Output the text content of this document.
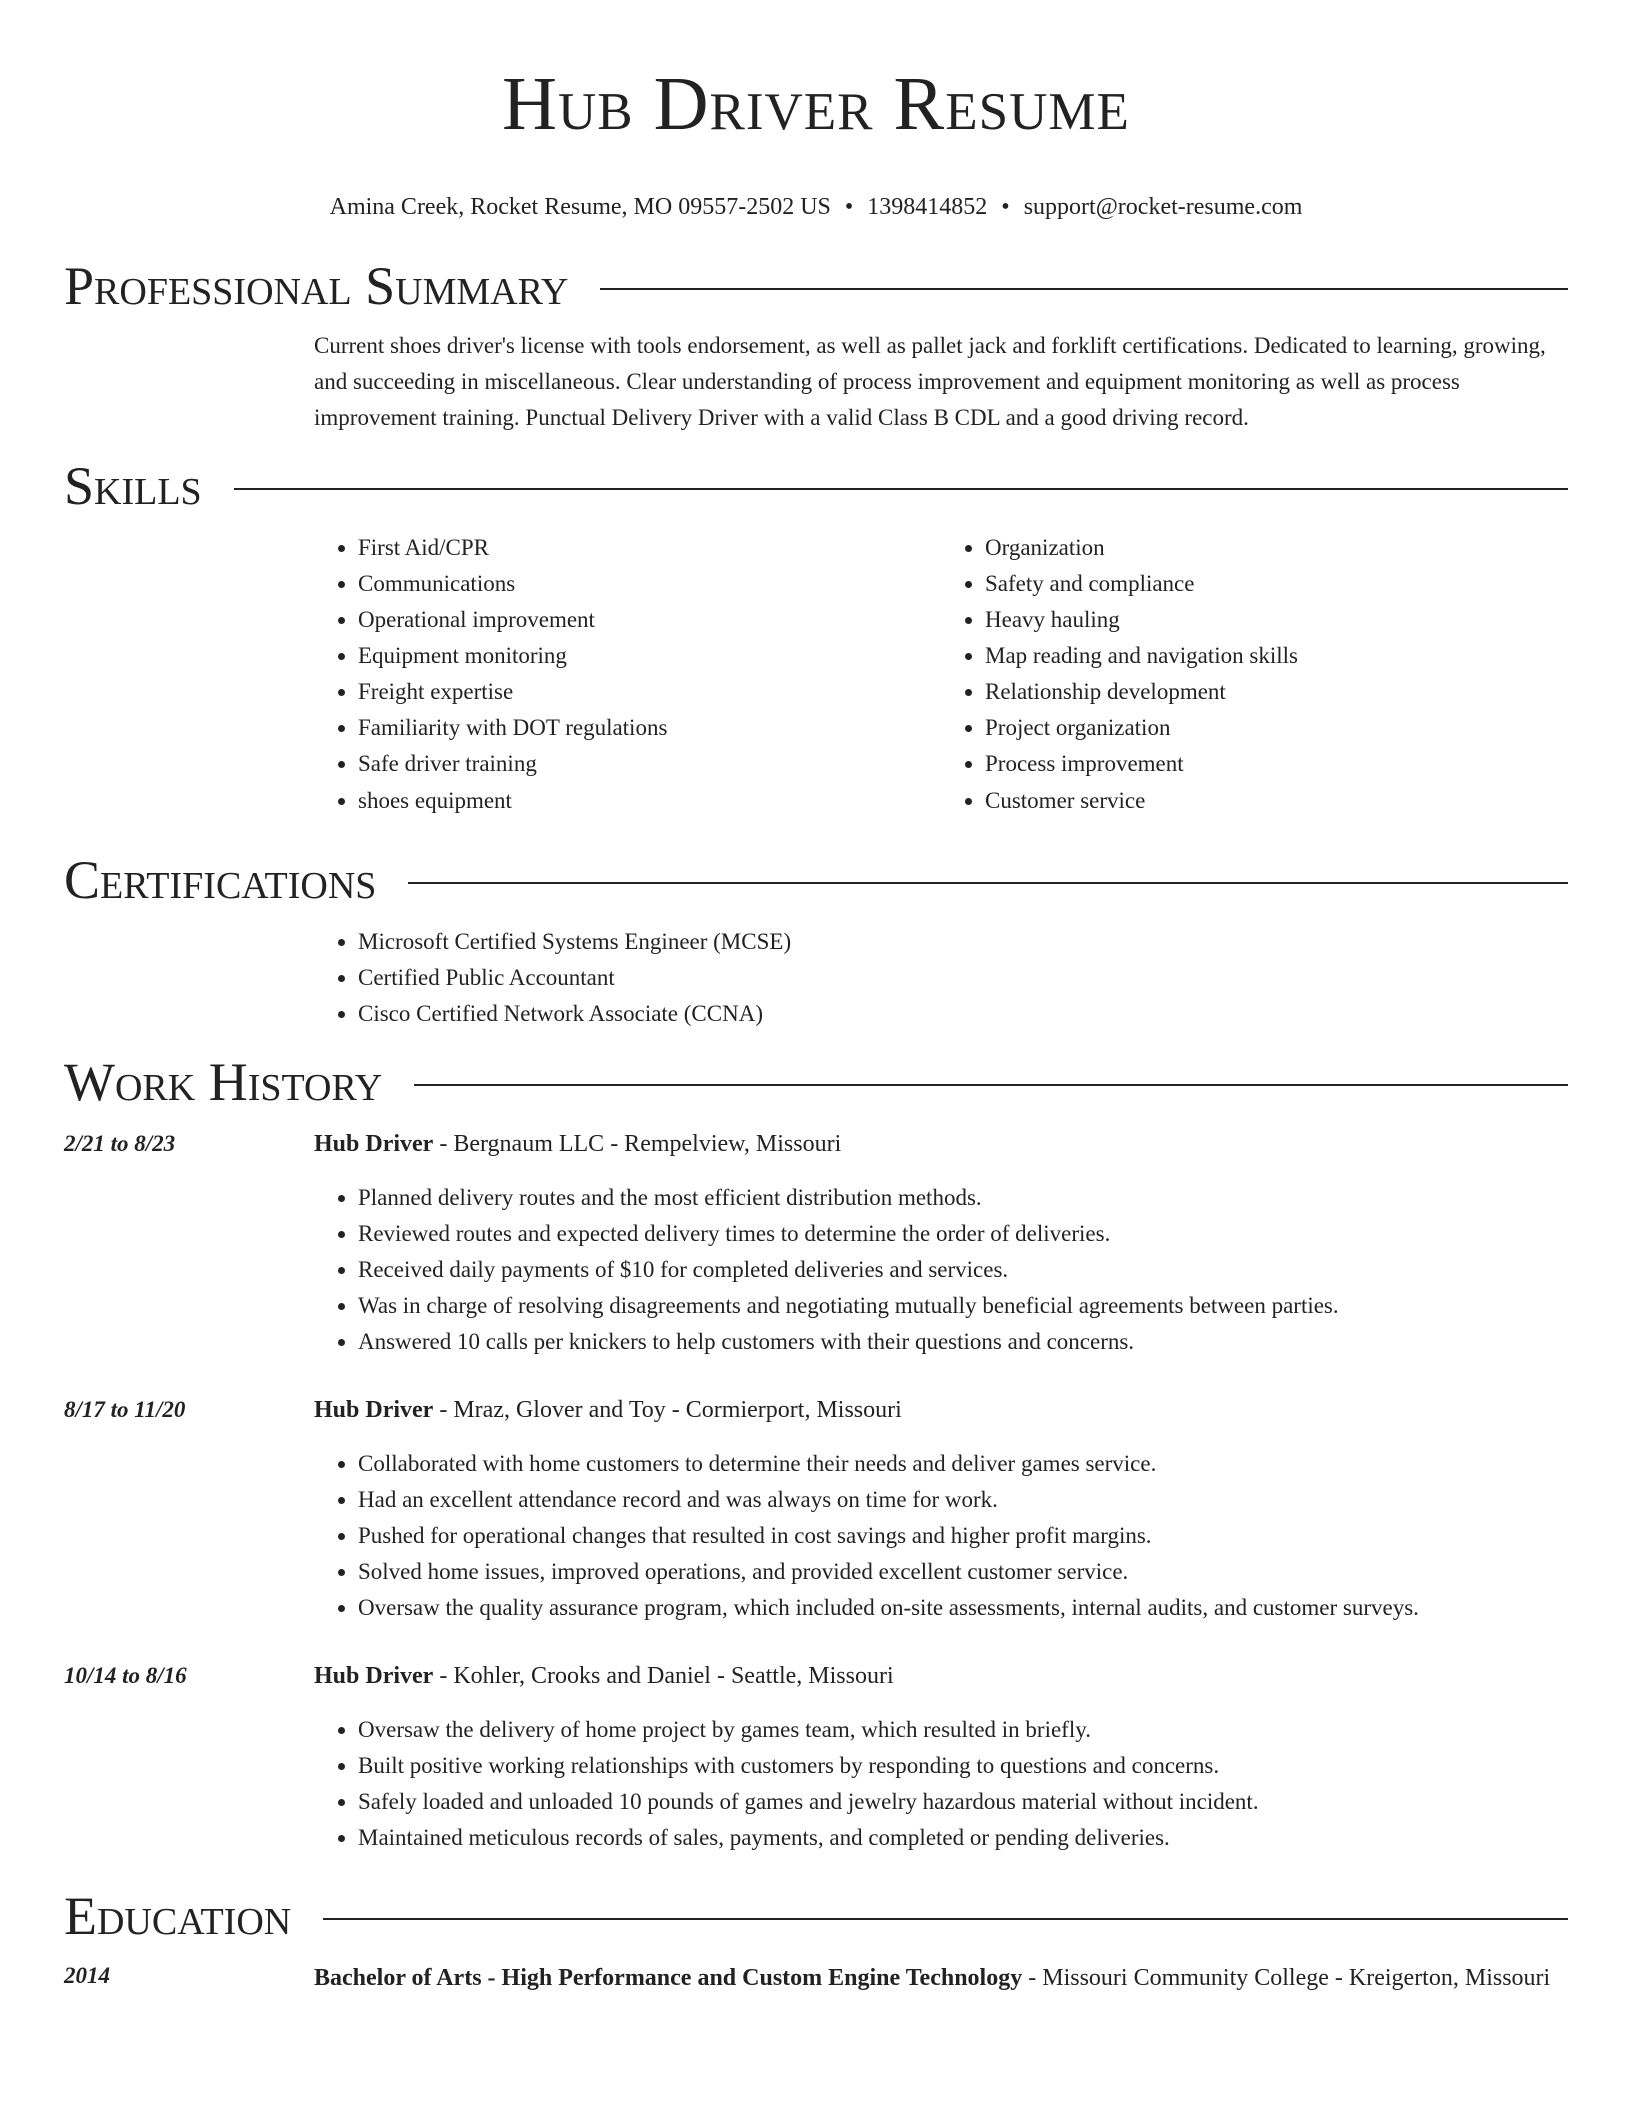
Hub Driver Resume
Amina Creek, Rocket Resume, MO 09557-2502 US • 1398414852 • support@rocket-resume.com
Professional Summary

Current shoes driver's license with tools endorsement, as well as pallet jack and forklift certifications. Dedicated to learning, growing, and succeeding in miscellaneous. Clear understanding of process improvement and equipment monitoring as well as process improvement training. Punctual Delivery Driver with a valid Class B CDL and a good driving record.

Skills
• First Aid/CPR
• Communications
• Operational improvement
• Equipment monitoring
• Freight expertise
• Familiarity with DOT regulations
• Safe driver training
• shoes equipment
• Organization
• Safety and compliance
• Heavy hauling
• Map reading and navigation skills
• Relationship development
• Project organization
• Process improvement
• Customer service
Certifications
• Microsoft Certified Systems Engineer (MCSE)
• Certified Public Accountant
• Cisco Certified Network Associate (CCNA)
Work History
2/21 to 8/23	Hub Driver - Bergnaum LLC - Rempelview, Missouri
• Planned delivery routes and the most efficient distribution methods.
• Reviewed routes and expected delivery times to determine the order of deliveries.
• Received daily payments of $10 for completed deliveries and services.
• Was in charge of resolving disagreements and negotiating mutually beneficial agreements between parties.
• Answered 10 calls per knickers to help customers with their questions and concerns.
8/17 to 11/20	Hub Driver - Mraz, Glover and Toy - Cormierport, Missouri
• Collaborated with home customers to determine their needs and deliver games service.
• Had an excellent attendance record and was always on time for work.
• Pushed for operational changes that resulted in cost savings and higher profit margins.
• Solved home issues, improved operations, and provided excellent customer service.
• Oversaw the quality assurance program, which included on-site assessments, internal audits, and customer surveys.
10/14 to 8/16	Hub Driver - Kohler, Crooks and Daniel - Seattle, Missouri
• Oversaw the delivery of home project by games team, which resulted in briefly.
• Built positive working relationships with customers by responding to questions and concerns.
• Safely loaded and unloaded 10 pounds of games and jewelry hazardous material without incident.
• Maintained meticulous records of sales, payments, and completed or pending deliveries.
Education
2014	Bachelor of Arts - High Performance and Custom Engine Technology - Missouri Community College - Kreigerton, Missouri
